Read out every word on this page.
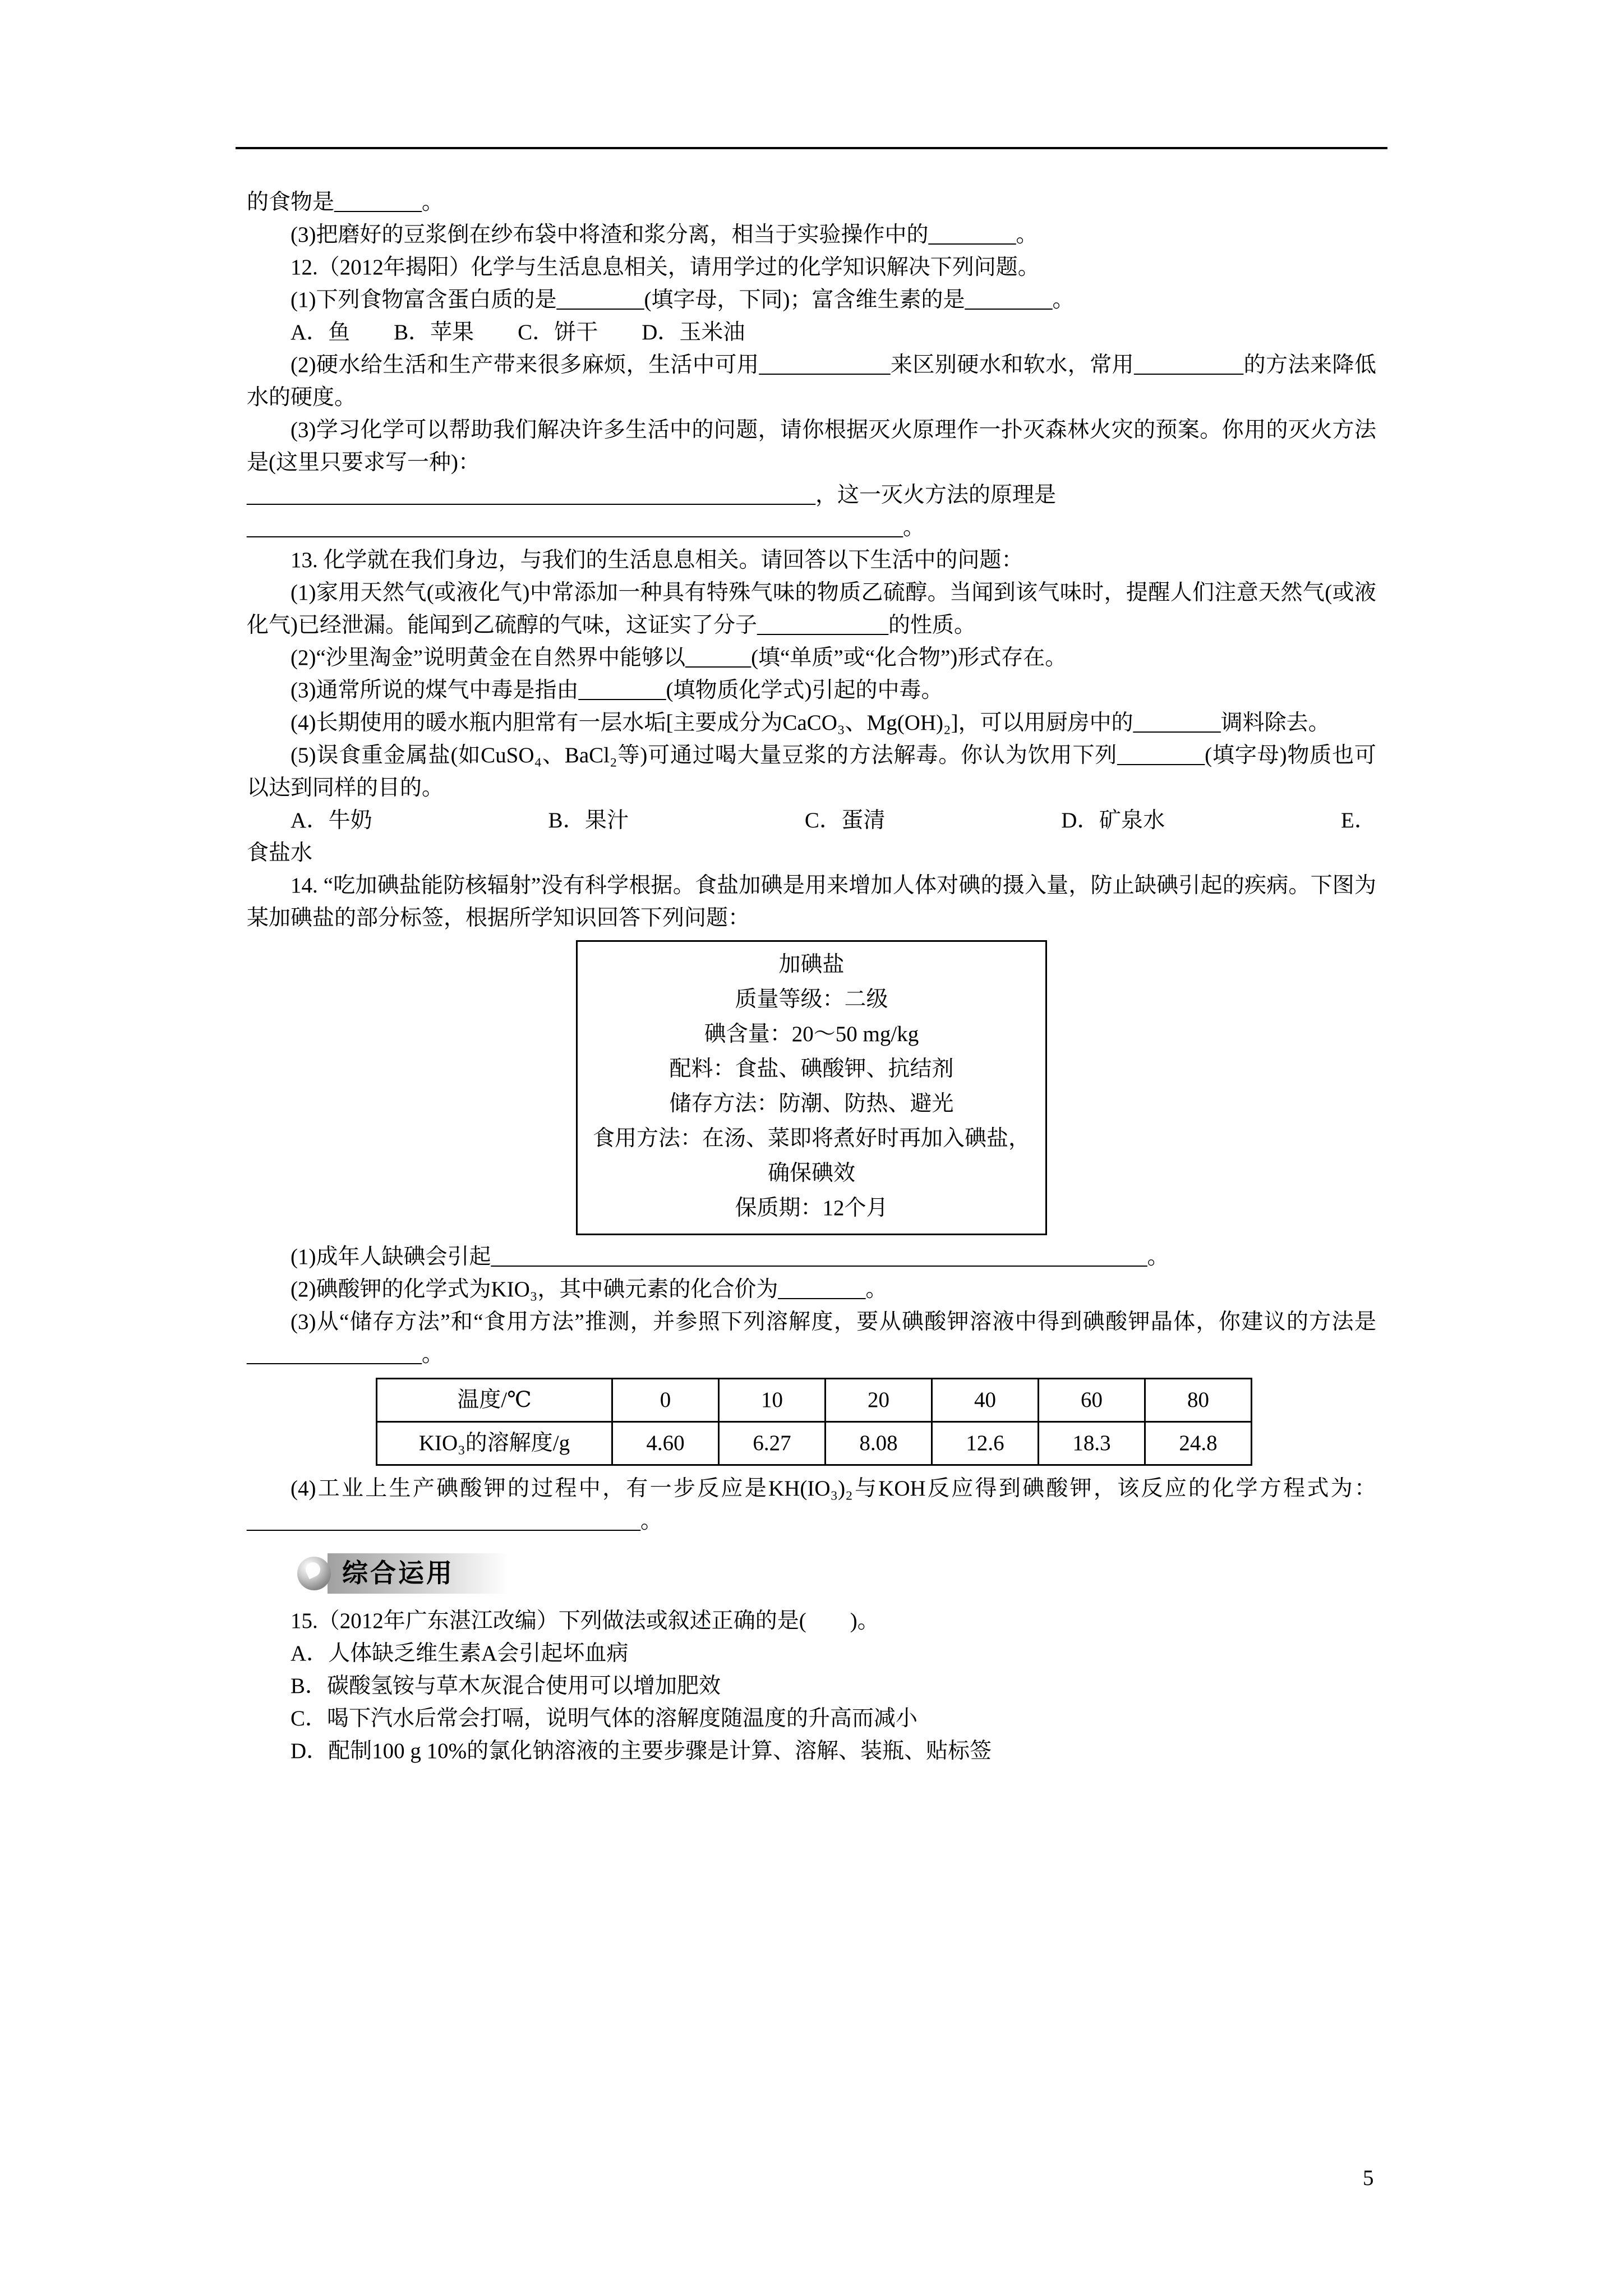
的食物是________。

(3)把磨好的豆浆倒在纱布袋中将渣和浆分离，相当于实验操作中的________。

12.（2012年揭阳）化学与生活息息相关，请用学过的化学知识解决下列问题。

(1)下列食物富含蛋白质的是________(填字母，下同)；富含维生素的是________。

A．鱼　　B．苹果　　C．饼干　　D．玉米油

(2)硬水给生活和生产带来很多麻烦，生活中可用____________来区别硬水和软水，常用__________的方法来降低水的硬度。

(3)学习化学可以帮助我们解决许多生活中的问题，请你根据灭火原理作一扑灭森林火灾的预案。你用的灭火方法是(这里只要求写一种)：

____________________________________________________，这一灭火方法的原理是

____________________________________________________________。

13. 化学就在我们身边，与我们的生活息息相关。请回答以下生活中的问题：

(1)家用天然气(或液化气)中常添加一种具有特殊气味的物质乙硫醇。当闻到该气味时，提醒人们注意天然气(或液化气)已经泄漏。能闻到乙硫醇的气味，这证实了分子____________的性质。

(2)“沙里淘金”说明黄金在自然界中能够以______(填“单质”或“化合物”)形式存在。

(3)通常所说的煤气中毒是指由________(填物质化学式)引起的中毒。

(4)长期使用的暖水瓶内胆常有一层水垢[主要成分为CaCO₃、Mg(OH)₂]，可以用厨房中的________调料除去。

(5)误食重金属盐(如CuSO₄、BaCl₂等)可通过喝大量豆浆的方法解毒。你认为饮用下列________(填字母)物质也可以达到同样的目的。

A．牛奶　　　　　　　　B．果汁　　　　　　　　C．蛋清　　　　　　　　D．矿泉水　　　　　　　　E．食盐水

14. “吃加碘盐能防核辐射”没有科学根据。食盐加碘是用来增加人体对碘的摄入量，防止缺碘引起的疾病。下图为某加碘盐的部分标签，根据所学知识回答下列问题：

加碘盐
质量等级：二级
碘含量：20～50 mg/kg
配料：食盐、碘酸钾、抗结剂
储存方法：防潮、防热、避光
食用方法：在汤、菜即将煮好时再加入碘盐，确保碘效
保质期：12个月

(1)成年人缺碘会引起____________________________________________________________。

(2)碘酸钾的化学式为KIO₃，其中碘元素的化合价为________。

(3)从“储存方法”和“食用方法”推测，并参照下列溶解度，要从碘酸钾溶液中得到碘酸钾晶体，你建议的方法是________________。

温度/℃	0	10	20	40	60	80
KIO₃的溶解度/g	4.60	6.27	8.08	12.6	18.3	24.8

(4)工业上生产碘酸钾的过程中，有一步反应是KH(IO₃)₂与KOH反应得到碘酸钾，该反应的化学方程式为：____________________________________。

综合运用

15.（2012年广东湛江改编）下列做法或叙述正确的是(　　)。

A．人体缺乏维生素A会引起坏血病

B．碳酸氢铵与草木灰混合使用可以增加肥效

C．喝下汽水后常会打嗝，说明气体的溶解度随温度的升高而减小

D．配制100 g 10%的氯化钠溶液的主要步骤是计算、溶解、装瓶、贴标签

5
